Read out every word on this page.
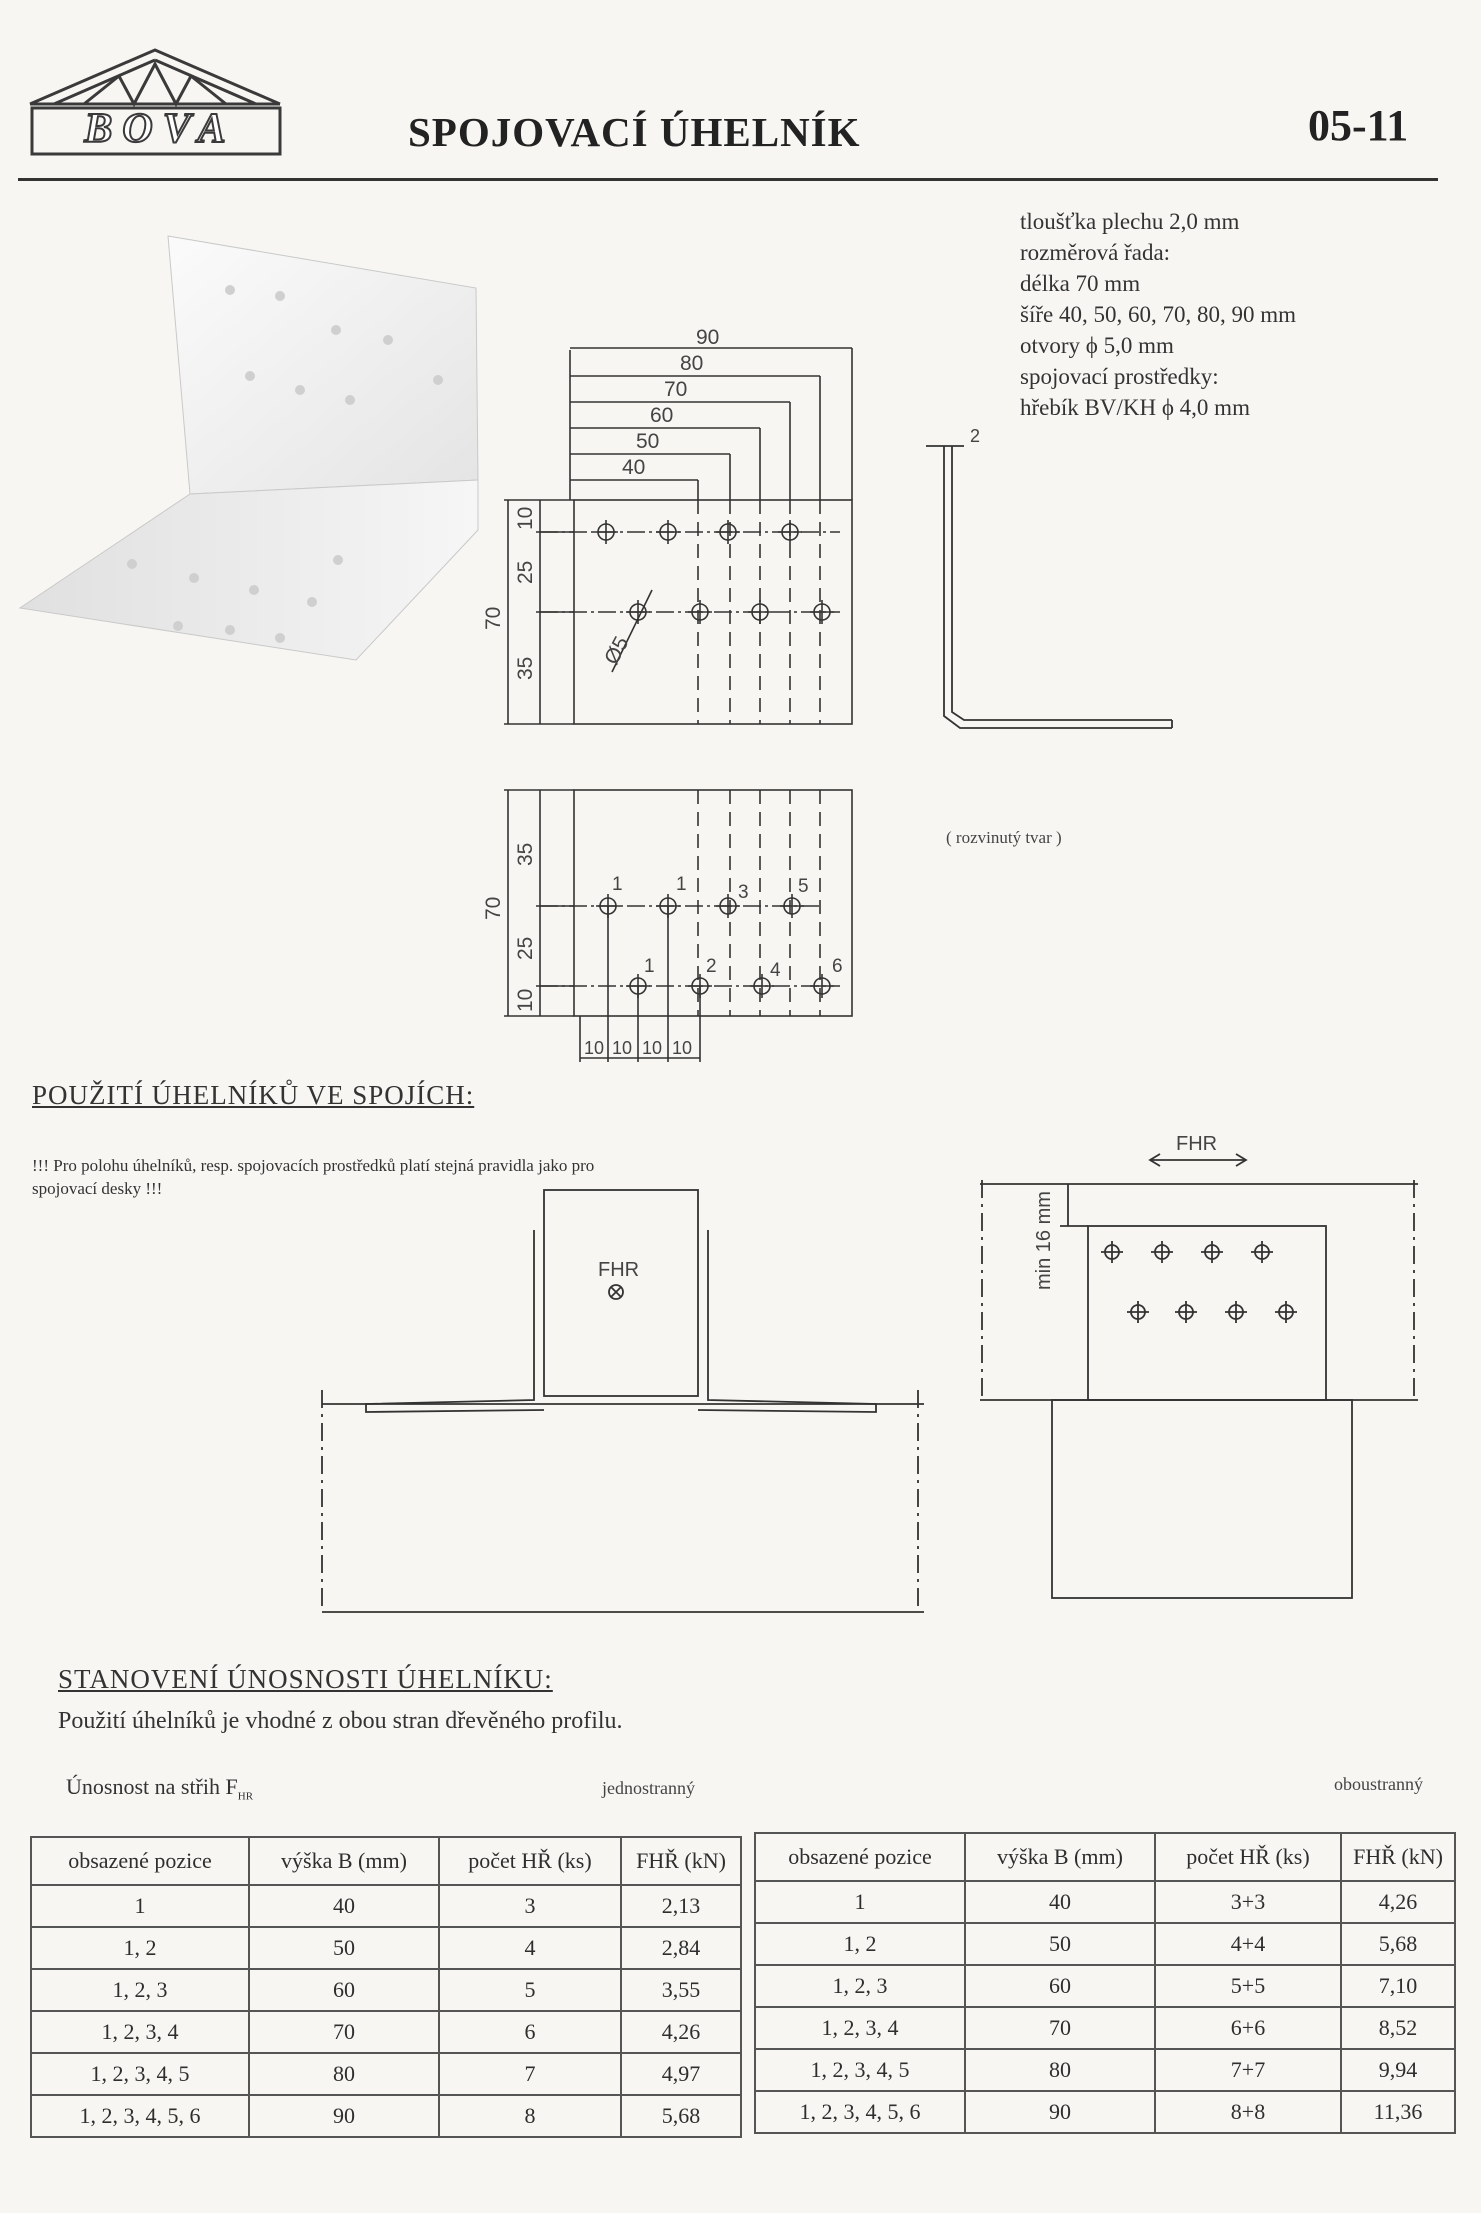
BOVA	SPOJOVACÍ ÚHELNÍK	05-11
tloušťka plechu 2,0 mm
rozměrová řada:
délka 70 mm
šíře 40, 50, 60, 70, 80, 90 mm
otvory ϕ 5,0 mm
spojovací prostředky:
hřebík BV/KH ϕ 4,0 mm
90
80
70
60
50
40
10
25
35
70
Ø5
2
35
25
10
70
10 10 10 10
1	1	3	5
1	2	4	6
FHR
FHR
min 16 mm
( rozvinutý tvar )
POUŽITÍ ÚHELNÍKŮ VE SPOJÍCH:
!!! Pro polohu úhelníků, resp. spojovacích prostředků platí stejná pravidla jako pro spojovací desky !!!
STANOVENÍ ÚNOSNOSTI ÚHELNÍKU:
Použití úhelníků je vhodné z obou stran dřevěného profilu.
Únosnost na střih $F_{HR}$	jednostranný	oboustranný
obsazené pozice	výška B (mm)	počet HŘ (ks)	FHŘ (kN)
1	40	3	2,13
1, 2	50	4	2,84
1, 2, 3	60	5	3,55
1, 2, 3, 4	70	6	4,26
1, 2, 3, 4, 5	80	7	4,97
1, 2, 3, 4, 5, 6	90	8	5,68
obsazené pozice	výška B (mm)	počet HŘ (ks)	FHŘ (kN)
1	40	3+3	4,26
1, 2	50	4+4	5,68
1, 2, 3	60	5+5	7,10
1, 2, 3, 4	70	6+6	8,52
1, 2, 3, 4, 5	80	7+7	9,94
1, 2, 3, 4, 5, 6	90	8+8	11,36
